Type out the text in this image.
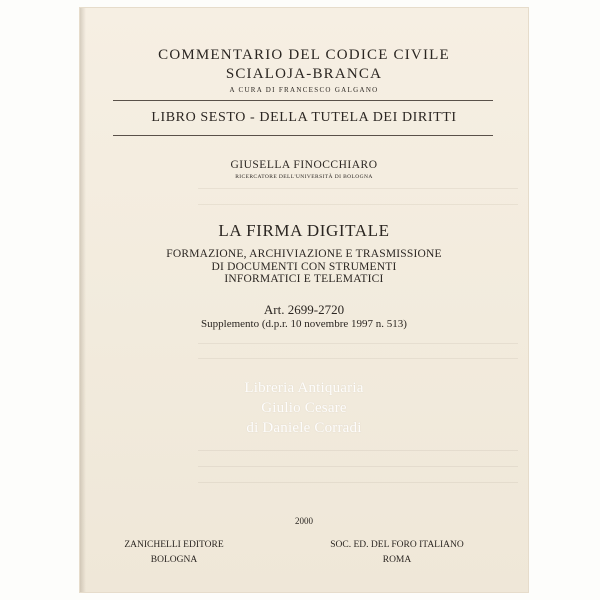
COMMENTARIO DEL CODICE CIVILE
SCIALOJA-BRANCA
A CURA DI FRANCESCO GALGANO
LIBRO SESTO - DELLA TUTELA DEI DIRITTI
GIUSELLA FINOCCHIARO
RICERCATORE DELL'UNIVERSITÀ DI BOLOGNA
LA FIRMA DIGITALE
FORMAZIONE, ARCHIVIAZIONE E TRASMISSIONE
DI DOCUMENTI CON STRUMENTI
INFORMATICI E TELEMATICI
Art. 2699-2720
Supplemento (d.p.r. 10 novembre 1997 n. 513)
Libreria Antiquaria
Giulio Cesare
di Daniele Corradi
2000
ZANICHELLI EDITORE
BOLOGNA
SOC. ED. DEL FORO ITALIANO
ROMA
